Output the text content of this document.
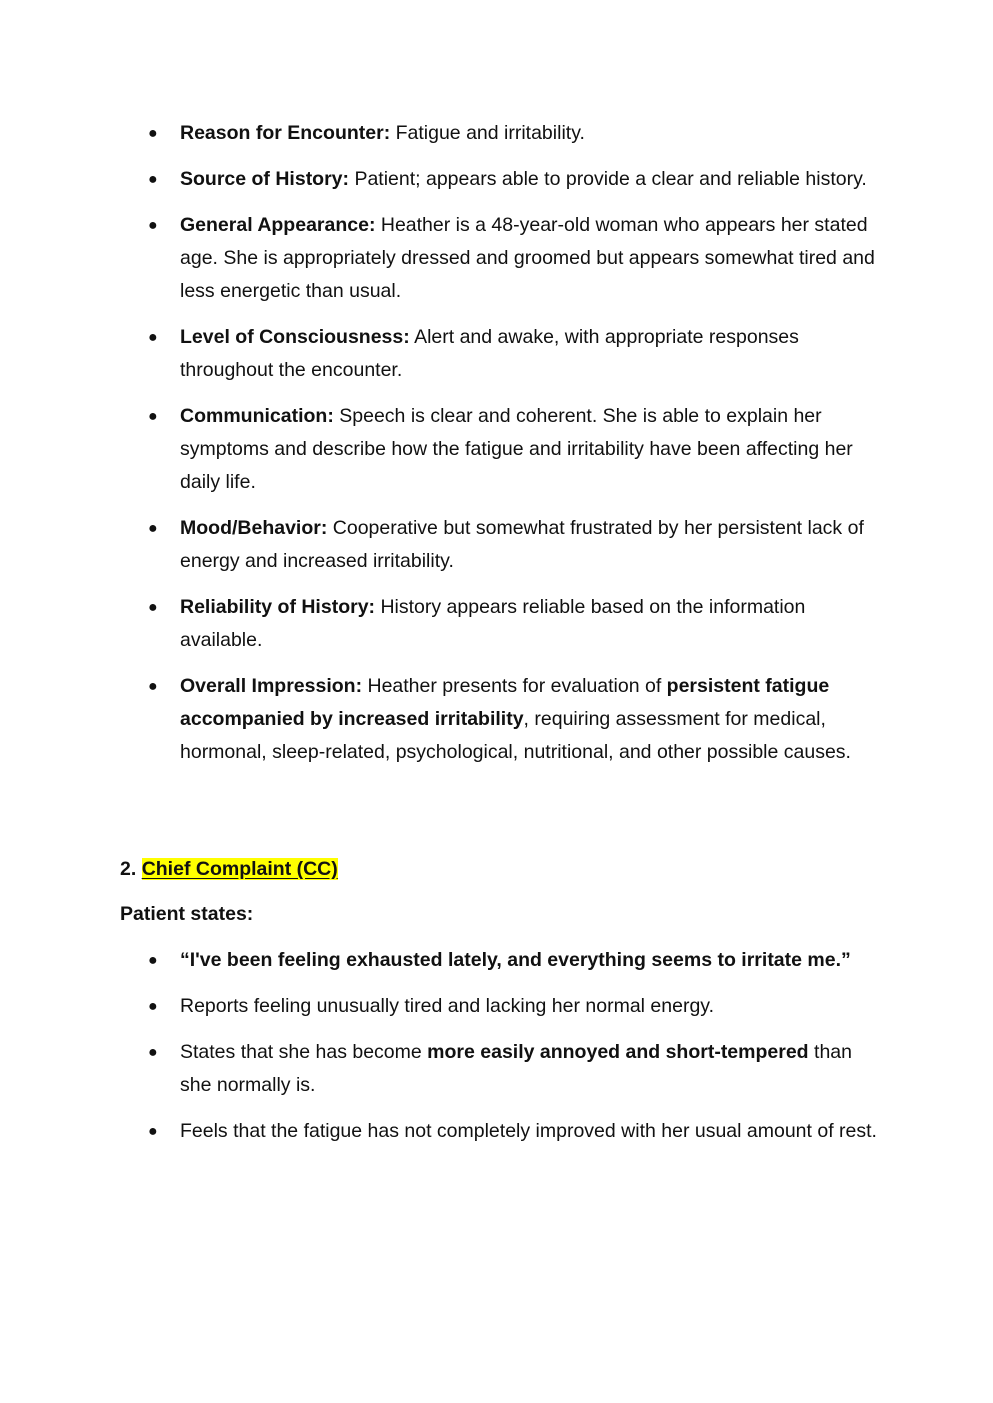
● Reason for Encounter: Fatigue and irritability.
● Source of History: Patient; appears able to provide a clear and reliable history.
● General Appearance: Heather is a 48-year-old woman who appears her stated age. She is appropriately dressed and groomed but appears somewhat tired and less energetic than usual.
● Level of Consciousness: Alert and awake, with appropriate responses throughout the encounter.
● Communication: Speech is clear and coherent. She is able to explain her symptoms and describe how the fatigue and irritability have been affecting her daily life.
● Mood/Behavior: Cooperative but somewhat frustrated by her persistent lack of energy and increased irritability.
● Reliability of History: History appears reliable based on the information available.
● Overall Impression: Heather presents for evaluation of persistent fatigue accompanied by increased irritability, requiring assessment for medical, hormonal, sleep-related, psychological, nutritional, and other possible causes.
2. Chief Complaint (CC)
Patient states:
● “I've been feeling exhausted lately, and everything seems to irritate me.”
● Reports feeling unusually tired and lacking her normal energy.
● States that she has become more easily annoyed and short-tempered than she normally is.
● Feels that the fatigue has not completely improved with her usual amount of rest.
